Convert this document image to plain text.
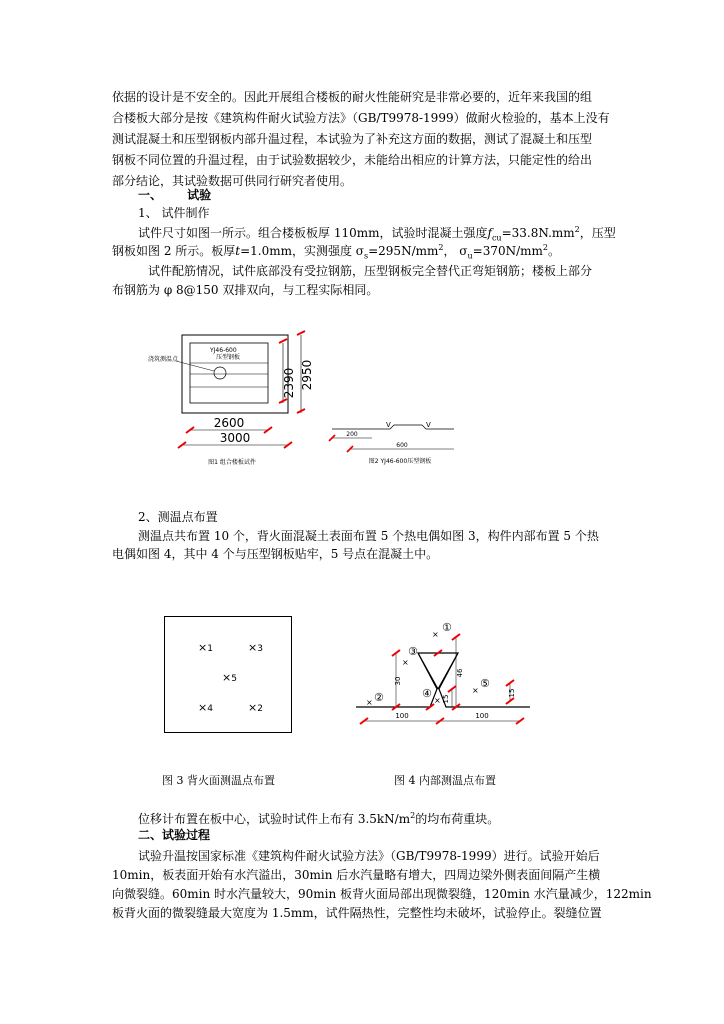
依据的设计是不安全的。因此开展组合楼板的耐火性能研究是非常必要的，近年来我国的组
合楼板大部分是按《建筑构件耐火试验方法》（GB/T9978-1999）做耐火检验的，基本上没有
测试混凝土和压型钢板内部升温过程，本试验为了补充这方面的数据，测试了混凝土和压型
钢板不同位置的升温过程，由于试验数据较少，未能给出相应的计算方法，只能定性的给出
部分结论，其试验数据可供同行研究者使用。
一、      试验
1、 试件制作
试件尺寸如图一所示。组合楼板板厚 110mm，试验时混凝土强度$f_{cu}=33.8N.mm^2$，压型
钢板如图 2 所示。板厚t=1.0mm，实测强度 $\sigma_s=295N/mm^2$， $\sigma_u=370N/mm^2$。
试件配筋情况，试件底部没有受拉钢筋，压型钢板完全替代正弯矩钢筋；楼板上部分
布钢筋为 φ 8@150 双排双向，与工程实际相同。
浇筑测温点
YJ46-600
压型钢板
2390 2950
2600
3000
图1 组合楼板试件
V	V
200
600
图2 YJ46-600压型钢板
2、测温点布置
测温点共布置 10 个，背火面混凝土表面布置 5 个热电偶如图 3，构件内部布置 5 个热
电偶如图 4，其中 4 个与压型钢板贴牢，5 号点在混凝土中。
×1
×2
×3
×4
×5
①
②
③
④
⑤
×
×
×
×
×
30
46
15
15
100	100
图 3 背火面测温点布置	图 4 内部测温点布置
位移计布置在板中心，试验时试件上布有 $3.5kN/m^2$的均布荷重块。
二、试验过程
试验升温按国家标准《建筑构件耐火试验方法》（GB/T9978-1999）进行。试验开始后
10min，板表面开始有水汽溢出，30min 后水汽量略有增大，四周边梁外侧表面间隔产生横
向微裂缝。60min 时水汽量较大，90min 板背火面局部出现微裂缝，120min 水汽量减少，122min
板背火面的微裂缝最大宽度为 1.5mm，试件隔热性，完整性均未破坏，试验停止。裂缝位置
